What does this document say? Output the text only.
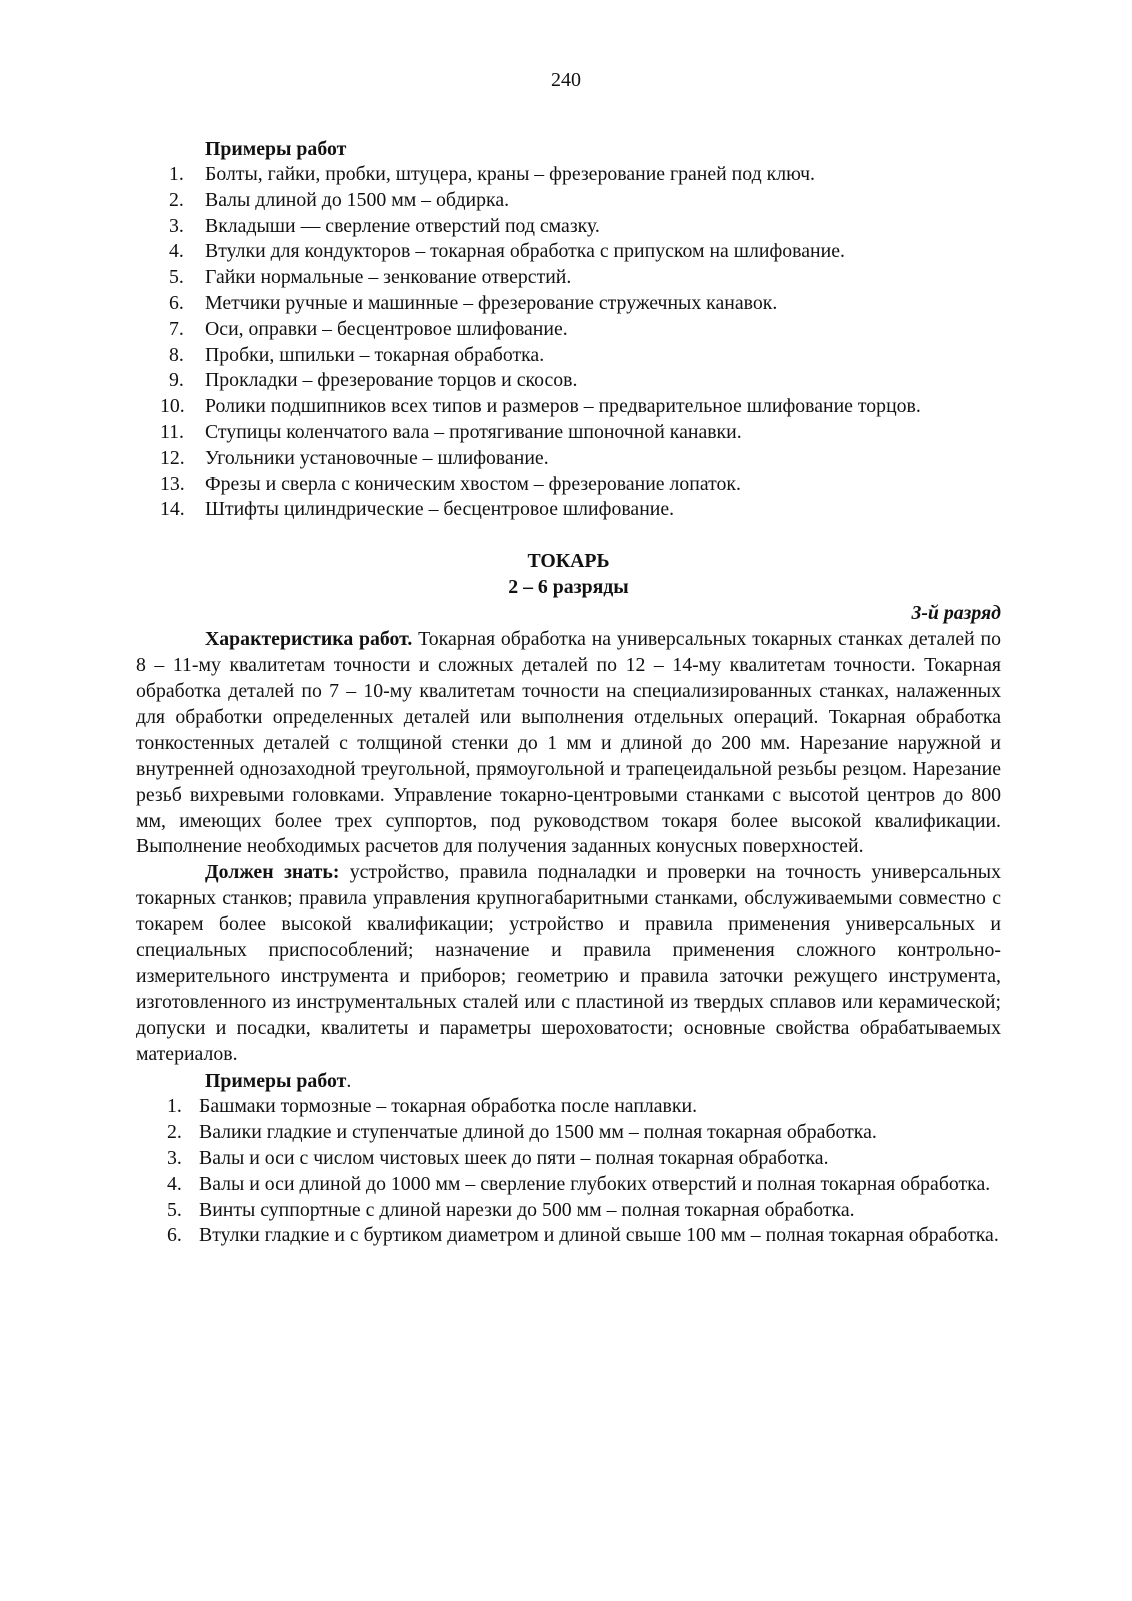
240
Примеры работ
1. Болты, гайки, пробки, штуцера, краны – фрезерование граней под ключ.
2. Валы длиной до 1500 мм – обдирка.
3. Вкладыши — сверление отверстий под смазку.
4. Втулки для кондукторов – токарная обработка с припуском на шлифование.
5. Гайки нормальные – зенкование отверстий.
6. Метчики ручные и машинные – фрезерование стружечных канавок.
7. Оси, оправки – бесцентровое шлифование.
8. Пробки, шпильки – токарная обработка.
9. Прокладки – фрезерование торцов и скосов.
10. Ролики подшипников всех типов и размеров – предварительное шлифование торцов.
11. Ступицы коленчатого вала – протягивание шпоночной канавки.
12. Угольники установочные – шлифование.
13. Фрезы и сверла с коническим хвостом – фрезерование лопаток.
14. Штифты цилиндрические – бесцентровое шлифование.
ТОКАРЬ
2 – 6 разряды
3-й разряд

Характеристика работ. Токарная обработка на универсальных токарных станках деталей по 8 – 11-му квалитетам точности и сложных деталей по 12 – 14-му квалитетам точности. Токарная обработка деталей по 7 – 10-му квалитетам точности на специализированных станках, налаженных для обработки определенных деталей или выполнения отдельных операций. Токарная обработка тонкостенных деталей с толщиной стенки до 1 мм и длиной до 200 мм. Нарезание наружной и внутренней однозаходной треугольной, прямоугольной и трапецеидальной резьбы резцом. Нарезание резьб вихревыми головками. Управление токарно-центровыми станками с высотой центров до 800 мм, имеющих более трех суппортов, под руководством токаря более высокой квалификации. Выполнение необходимых расчетов для получения заданных конусных поверхностей.

Должен знать: устройство, правила подналадки и проверки на точность универсальных токарных станков; правила управления крупногабаритными станками, обслуживаемыми совместно с токарем более высокой квалификации; устройство и правила применения универсальных и специальных приспособлений; назначение и правила применения сложного контрольно-измерительного инструмента и приборов; геометрию и правила заточки режущего инструмента, изготовленного из инструментальных сталей или с пластиной из твердых сплавов или керамической; допуски и посадки, квалитеты и параметры шероховатости; основные свойства обрабатываемых материалов.

Примеры работ.
1. Башмаки тормозные – токарная обработка после наплавки.
2. Валики гладкие и ступенчатые длиной до 1500 мм – полная токарная обработка.
3. Валы и оси с числом чистовых шеек до пяти – полная токарная обработка.
4. Валы и оси длиной до 1000 мм – сверление глубоких отверстий и полная токарная обработка.
5. Винты суппортные с длиной нарезки до 500 мм – полная токарная обработка.
6. Втулки гладкие и с буртиком диаметром и длиной свыше 100 мм – полная токарная обработка.
